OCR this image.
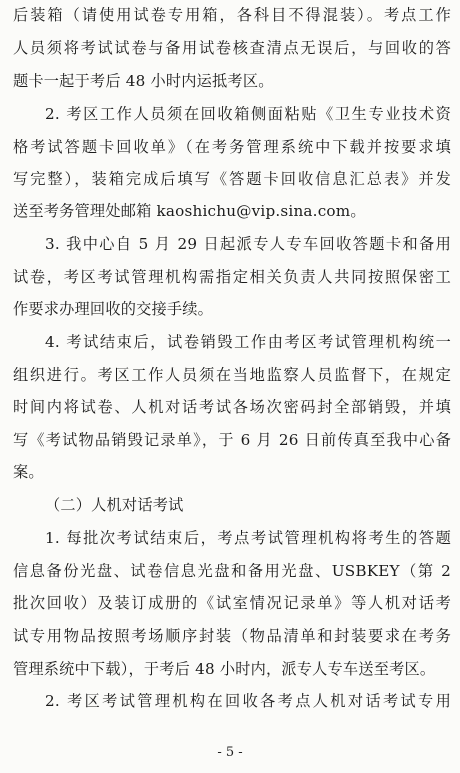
后装箱（请使用试卷专用箱，各科目不得混装）。考点工作
人员须将考试试卷与备用试卷核查清点无误后，与回收的答
题卡一起于考后 48 小时内运抵考区。
2. 考区工作人员须在回收箱侧面粘贴《卫生专业技术资
格考试答题卡回收单》（在考务管理系统中下载并按要求填
写完整），装箱完成后填写《答题卡回收信息汇总表》并发
送至考务管理处邮箱 kaoshichu@vip.sina.com。
3. 我中心自 5 月 29 日起派专人专车回收答题卡和备用
试卷，考区考试管理机构需指定相关负责人共同按照保密工
作要求办理回收的交接手续。
4. 考试结束后，试卷销毁工作由考区考试管理机构统一
组织进行。考区工作人员须在当地监察人员监督下，在规定
时间内将试卷、人机对话考试各场次密码封全部销毁，并填
写《考试物品销毁记录单》，于 6 月 26 日前传真至我中心备
案。
（二）人机对话考试
1. 每批次考试结束后，考点考试管理机构将考生的答题
信息备份光盘、试卷信息光盘和备用光盘、USBKEY（第 2
批次回收）及装订成册的《试室情况记录单》等人机对话考
试专用物品按照考场顺序封装（物品清单和封装要求在考务
管理系统中下载），于考后 48 小时内，派专人专车送至考区。
2. 考区考试管理机构在回收各考点人机对话考试专用
- 5 -
